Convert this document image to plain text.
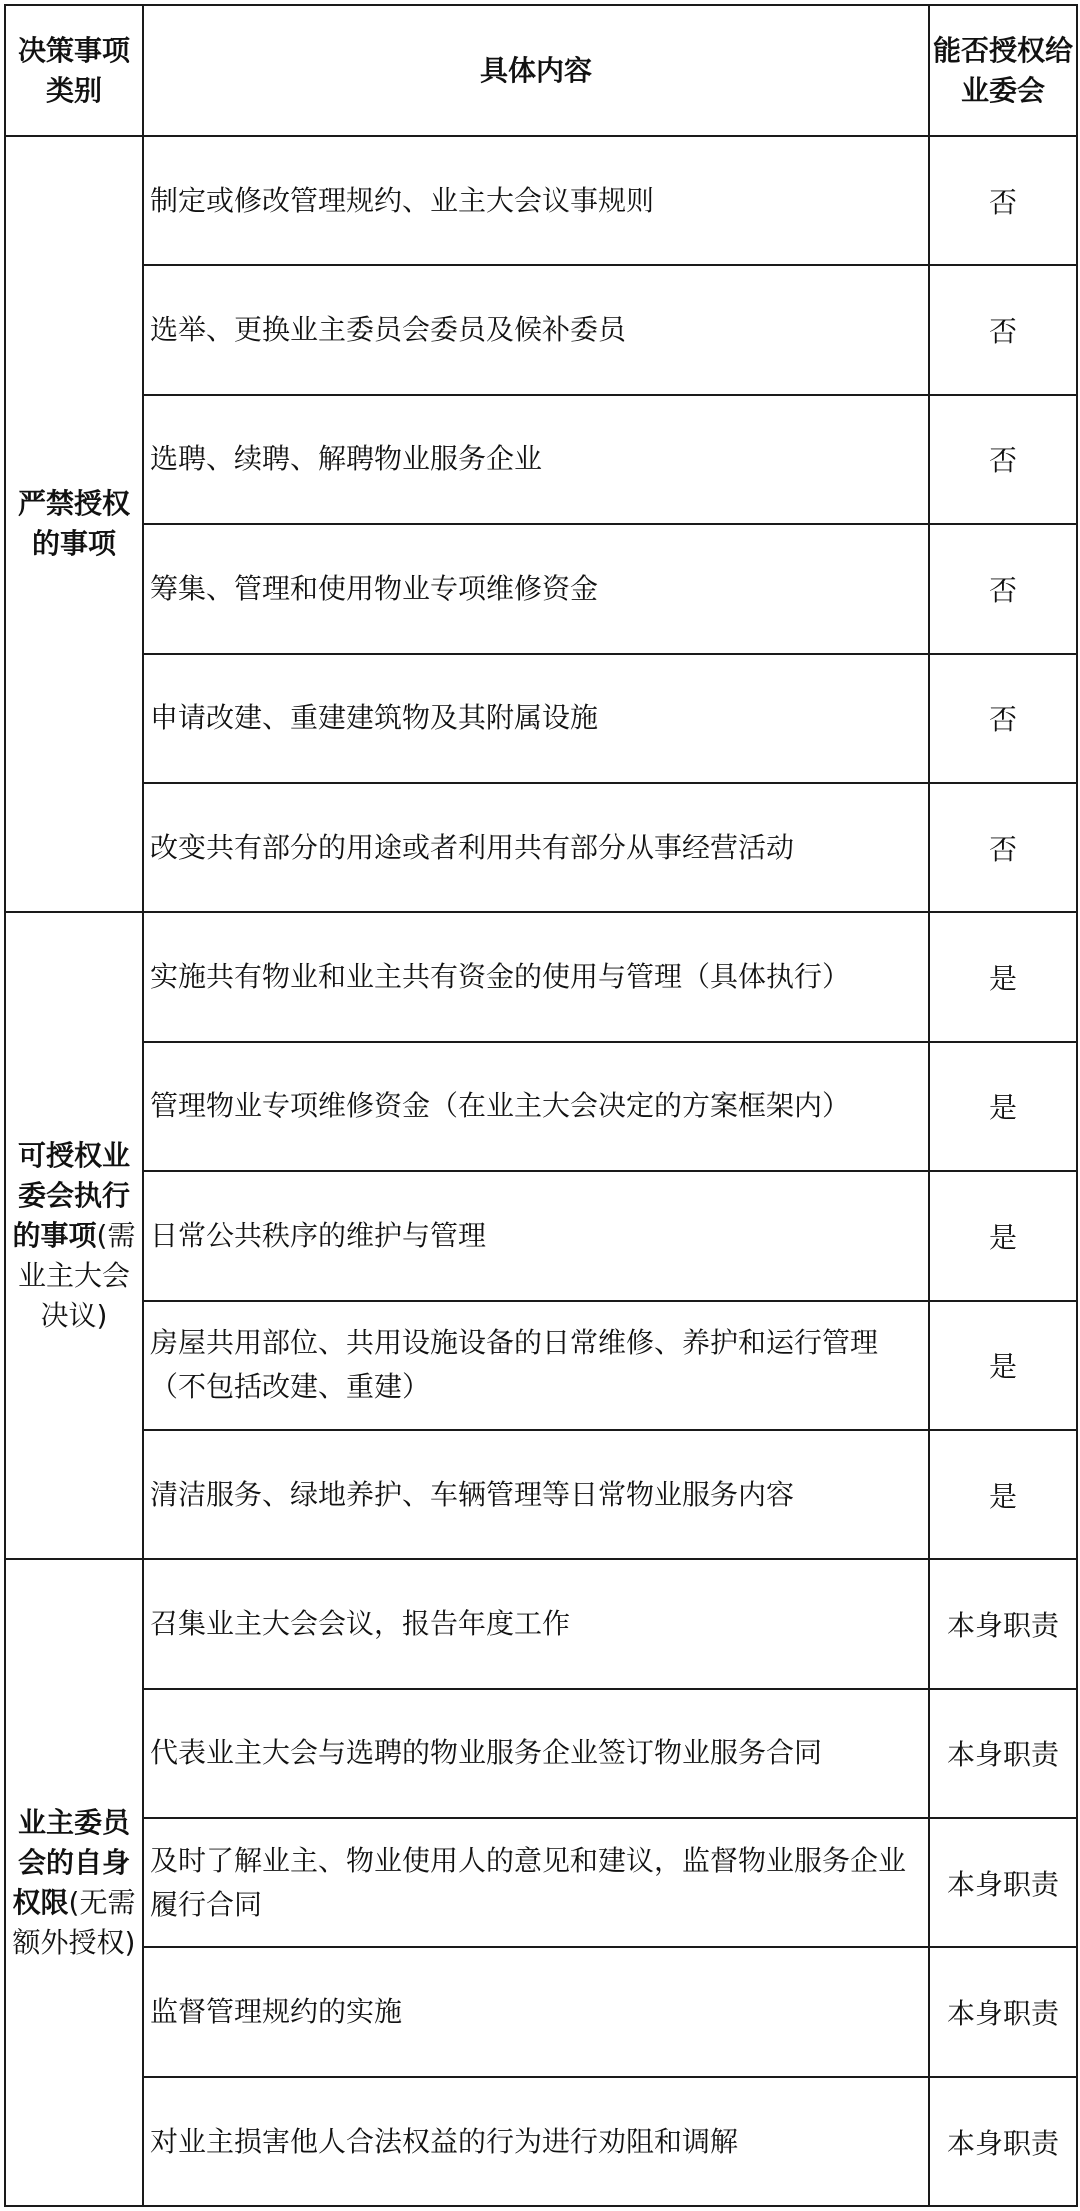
决策事项类别	具体内容	能否授权给业委会
严禁授权的事项	制定或修改管理规约、业主大会议事规则	否
	选举、更换业主委员会委员及候补委员	否
	选聘、续聘、解聘物业服务企业	否
	筹集、管理和使用物业专项维修资金	否
	申请改建、重建建筑物及其附属设施	否
	改变共有部分的用途或者利用共有部分从事经营活动	否
可授权业委会执行的事项(需业主大会决议)	实施共有物业和业主共有资金的使用与管理（具体执行）	是
	管理物业专项维修资金（在业主大会决定的方案框架内）	是
	日常公共秩序的维护与管理	是
	房屋共用部位、共用设施设备的日常维修、养护和运行管理（不包括改建、重建）	是
	清洁服务、绿地养护、车辆管理等日常物业服务内容	是
业主委员会的自身权限(无需额外授权)	召集业主大会会议，报告年度工作	本身职责
	代表业主大会与选聘的物业服务企业签订物业服务合同	本身职责
	及时了解业主、物业使用人的意见和建议，监督物业服务企业履行合同	本身职责
	监督管理规约的实施	本身职责
	对业主损害他人合法权益的行为进行劝阻和调解	本身职责
